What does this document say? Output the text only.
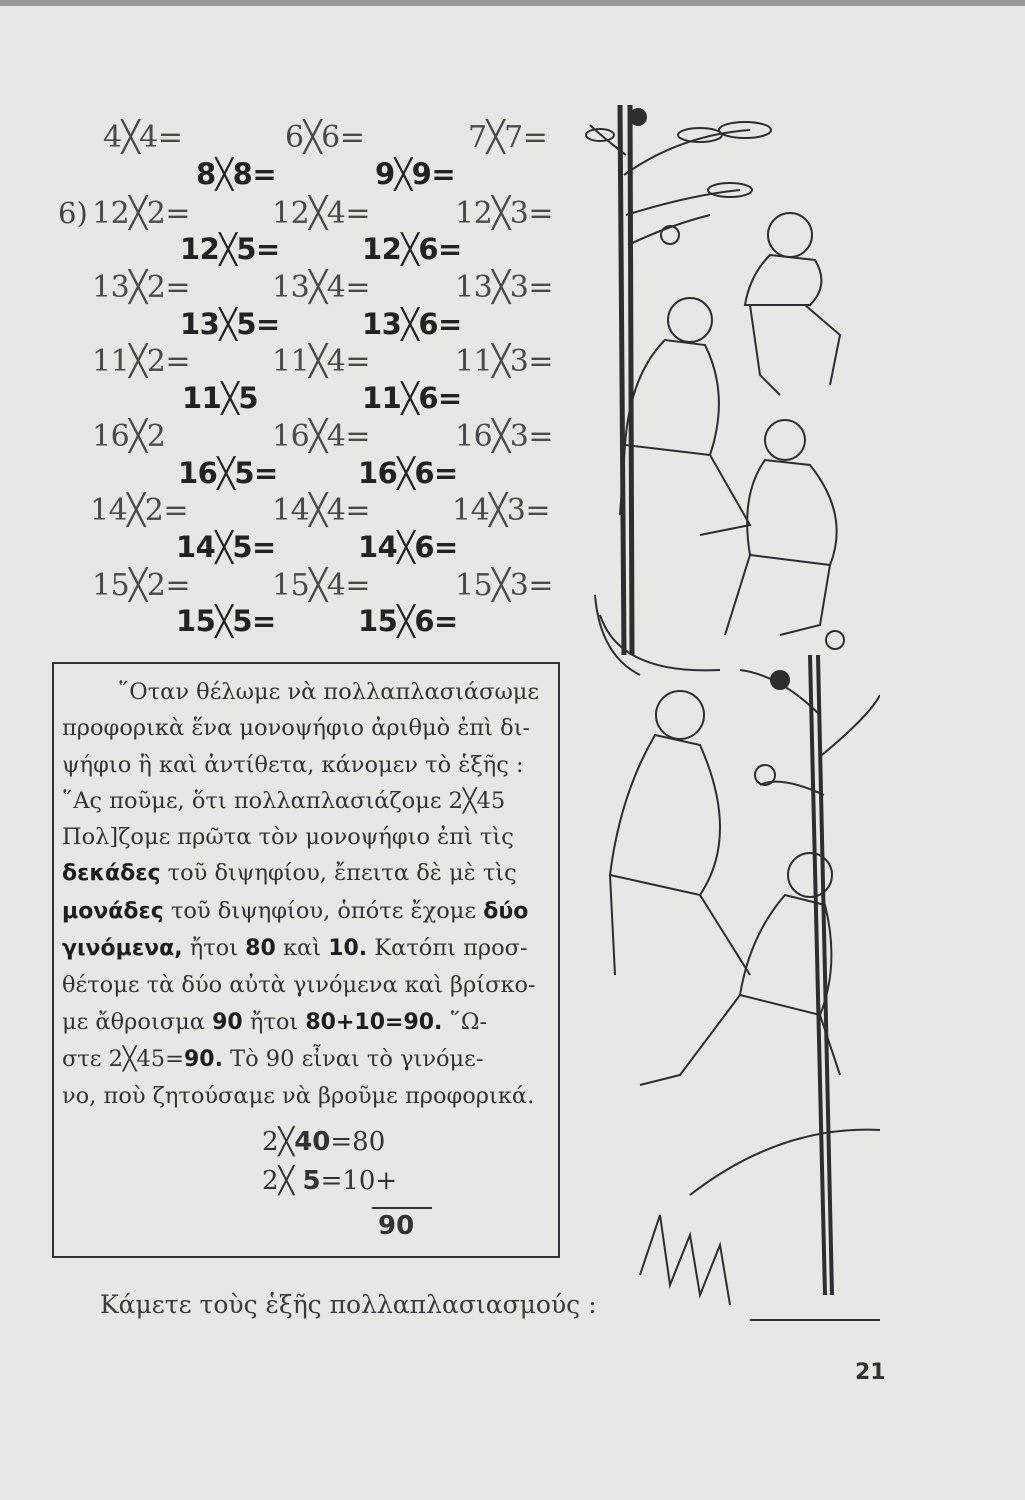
4╳4=	6╳6=	7╳7=
8╳8=	9╳9=
6) 12╳2=	12╳4=	12╳3=
12╳5=	12╳6=
13╳2=	13╳4=	13╳3=
13╳5=	13╳6=
11╳2=	11╳4=	11╳3=
11╳5	11╳6=
16╳2	16╳4=	16╳3=
16╳5=	16╳6=
14╳2=	14╳4=	14╳3=
14╳5=	14╳6=
15╳2=	15╳4=	15╳3=
15╳5=	15╳6=
῞Οταν θέλωμε νὰ πολλαπλασιάσωμε
προφορικὰ ἕνα μονοψήφιο ἀριθμὸ ἐπὶ δι-
ψήφιο ἢ καὶ ἀντίθετα, κάνομεν τὸ ἑξῆς :
῞Ας ποῦμε, ὅτι πολλαπλασιάζομε 2╳45
Πολ]ζομε πρῶτα τὸν μονοψήφιο ἐπὶ τὶς
δεκάδες τοῦ διψηφίου, ἔπειτα δὲ μὲ τὶς
μονάδες τοῦ διψηφίου, ὁπότε ἔχομε δύο
γινόμενα, ἤτοι 80 καὶ 10. Κατόπι προσ-
θέτομε τὰ δύο αὐτὰ γινόμενα καὶ βρίσκο-
με ἄθροισμα 90 ἤτοι 80+10=90. ῞Ω-
στε 2╳45=90. Τὸ 90 εἶναι τὸ γινόμε-
νο, ποὺ ζητούσαμε νὰ βροῦμε προφορικά.
2╳40=80
2╳ 5=10+
90
Κάμετε τοὺς ἑξῆς πολλαπλασιασμούς :
21
